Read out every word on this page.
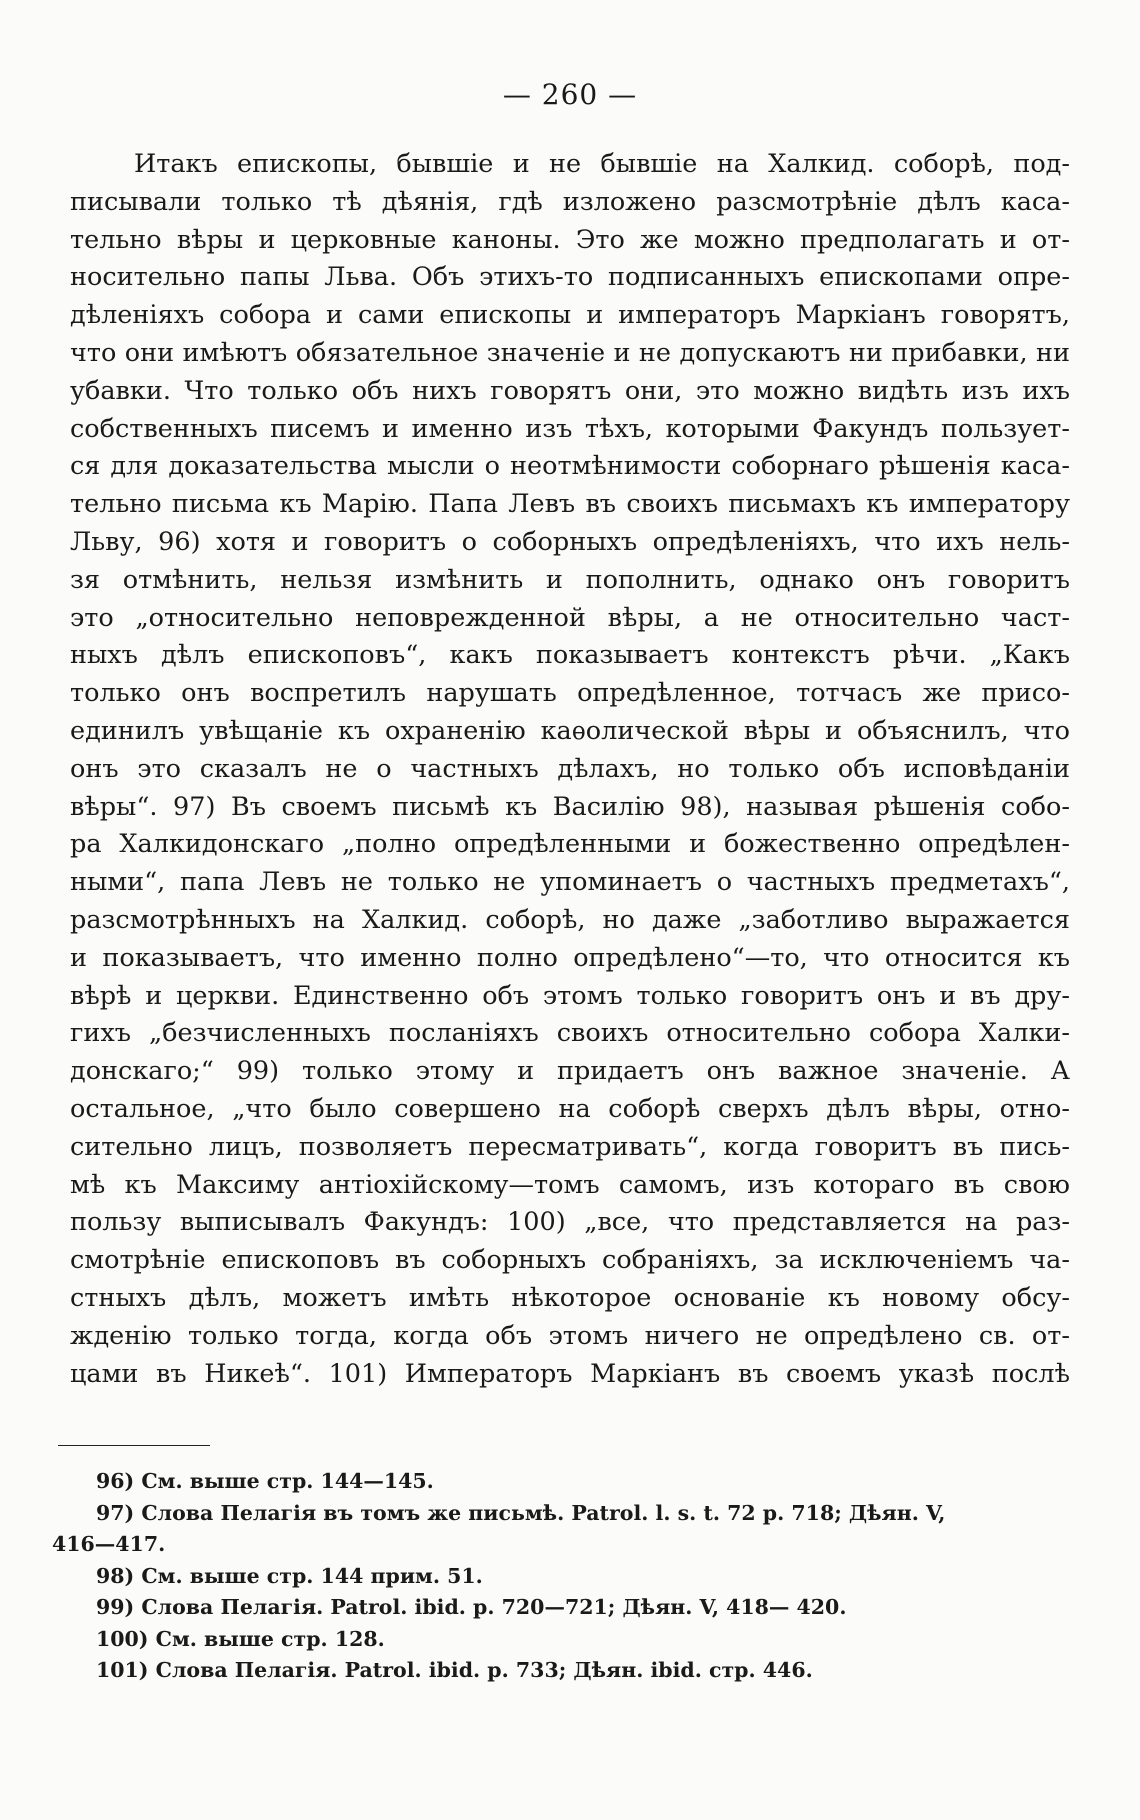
— 260 —
Итакъ епископы, бывшіе и не бывшіе на Халкид. соборѣ, под-
писывали только тѣ дѣянія, гдѣ изложено разсмотрѣніе дѣлъ каса-
тельно вѣры и церковные каноны. Это же можно предполагать и от-
носительно папы Льва. Объ этихъ-то подписанныхъ епископами опре-
дѣленіяхъ собора и сами епископы и императоръ Маркіанъ говорятъ,
что они имѣютъ обязательное значеніе и не допускаютъ ни прибавки, ни
убавки. Что только объ нихъ говорятъ они, это можно видѣть изъ ихъ
собственныхъ писемъ и именно изъ тѣхъ, которыми Факундъ пользует-
ся для доказательства мысли о неотмѣнимости соборнаго рѣшенія каса-
тельно письма къ Марію. Папа Левъ въ своихъ письмахъ къ императору
Льву, 96) хотя и говоритъ о соборныхъ опредѣленіяхъ, что ихъ нель-
зя отмѣнить, нельзя измѣнить и пополнить, однако онъ говоритъ
это „относительно неповрежденной вѣры, а не относительно част-
ныхъ дѣлъ епископовъ“, какъ показываетъ контекстъ рѣчи. „Какъ
только онъ воспретилъ нарушать опредѣленное, тотчасъ же присо-
единилъ увѣщаніе къ охраненію каѳолической вѣры и объяснилъ, что
онъ это сказалъ не о частныхъ дѣлахъ, но только объ исповѣданіи
вѣры“. 97) Въ своемъ письмѣ къ Василію 98), называя рѣшенія собо-
ра Халкидонскаго „полно опредѣленными и божественно опредѣлен-
ными“, папа Левъ не только не упоминаетъ о частныхъ предметахъ“,
разсмотрѣнныхъ на Халкид. соборѣ, но даже „заботливо выражается
и показываетъ, что именно полно опредѣлено“—то, что относится къ
вѣрѣ и церкви. Единственно объ этомъ только говоритъ онъ и въ дру-
гихъ „безчисленныхъ посланіяхъ своихъ относительно собора Халки-
донскаго;“ 99) только этому и придаетъ онъ важное значеніе. А
остальное, „что было совершено на соборѣ сверхъ дѣлъ вѣры, отно-
сительно лицъ, позволяетъ пересматривать“, когда говоритъ въ пись-
мѣ къ Максиму антіохійскому—томъ самомъ, изъ котораго въ свою
пользу выписывалъ Факундъ: 100) „все, что представляется на раз-
смотрѣніе епископовъ въ соборныхъ собраніяхъ, за исключеніемъ ча-
стныхъ дѣлъ, можетъ имѣть нѣкоторое основаніе къ новому обсу-
жденію только тогда, когда объ этомъ ничего не опредѣлено св. от-
цами въ Никеѣ“. 101) Императоръ Маркіанъ въ своемъ указѣ послѣ
96) См. выше стр. 144—145.
97) Слова Пелагія въ томъ же письмѣ. Patrol. l. s. t. 72 p. 718; Дѣян. V,
416—417.
98) См. выше стр. 144 прим. 51.
99) Слова Пелагія. Patrol. ibid. p. 720—721; Дѣян. V, 418— 420.
100) См. выше стр. 128.
101) Слова Пелагія. Patrol. ibid. p. 733; Дѣян. ibid. стр. 446.
